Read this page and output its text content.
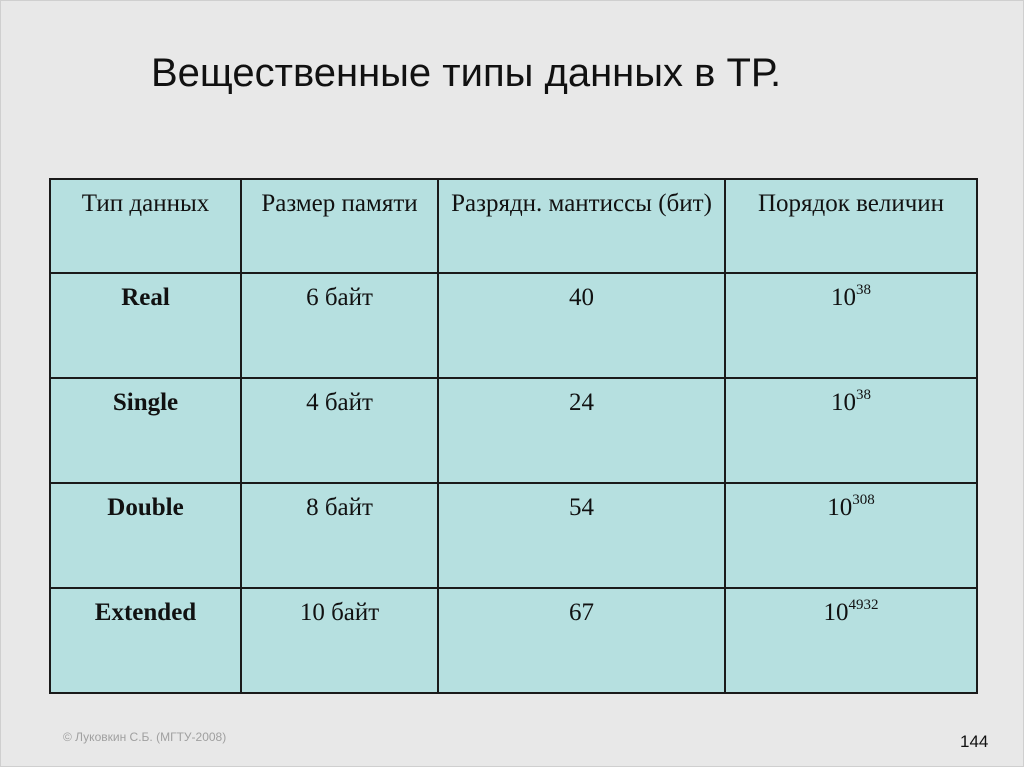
Вещественные типы данных в ТР.
Тип данных	Размер памяти	Разрядн. мантиссы (бит)	Порядок величин
Real	6 байт	40	$10^{38}$
Single	4 байт	24	$10^{38}$
Double	8 байт	54	$10^{308}$
Extended	10 байт	67	$10^{4932}$
© Луковкин С.Б. (МГТУ-2008)	144
